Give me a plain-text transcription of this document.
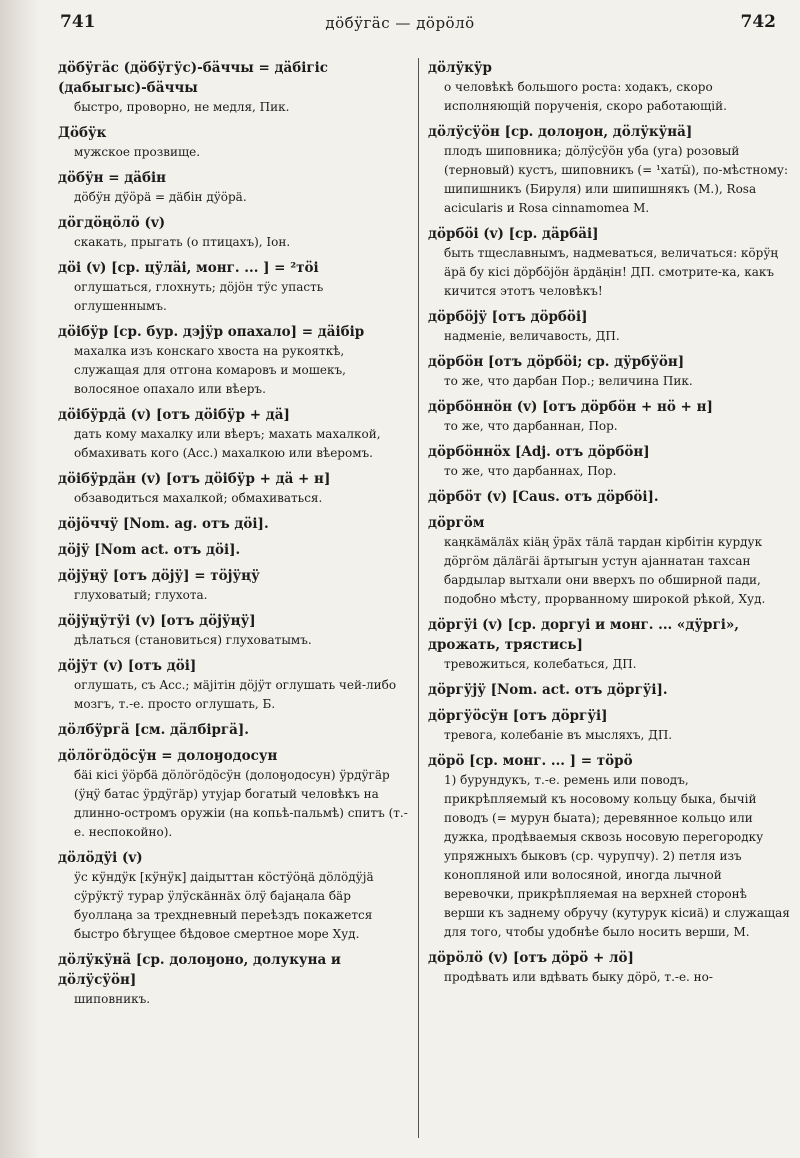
741	дӧбӱгäс — дӧрӧлӧ	742
дӧбӱгäс (дӧбӱгӱс)-бäччы = дäбігіс (дабыгыс)-бäччы
быстро, проворно, не медля, Пик.
Дӧбӱк
мужское прозвище.
дӧбӱн = дäбін
дӧбӱн дӱӧрä = дäбін дӱӧрä.
дӧгдӧңӧлӧ (v)
скакать, прыгать (о птицахъ), Іон.
дӧі (v) [ср. цӱлäі, монг. ... ] = ²тӧі
оглушаться, глохнуть; дӧјӧн тӱс упасть оглушеннымъ.
дӧібӱр [ср. бур. дэјӱр опахало] = дäібір
махалка изъ конскаго хвоста на рукояткѣ, служащая для отгона комаровъ и мошекъ, волосяное опахало или вѣеръ.
дӧібӱрдä (v) [отъ дӧібӱр + дä]
дать кому махалку или вѣеръ; махать махалкой, обмахивать кого (Acc.) махалкою или вѣеромъ.
дӧібӱрдäн (v) [отъ дӧібӱр + дä + н]
обзаводиться махалкой; обмахиваться.
дӧјӧччӱ [Nom. ag. отъ дӧі].
дӧјӱ [Nom act. отъ дӧі].
дӧјӱңӱ [отъ дӧјӱ] = тӧјӱңӱ
глуховатый; глухота.
дӧјӱңӱтӱі (v) [отъ дӧјӱңӱ]
дѣлаться (становиться) глуховатымъ.
дӧјӱт (v) [отъ дӧі]
оглушать, съ Acc.; мäјітін дӧјӱт оглушать чей-либо мозгъ, т.-е. просто оглушать, Б.
дӧлбӱргä [см. дäлбіргä].
дӧлӧгӧдӧсӱн = долоӈодосун
бäі кісі ӱӧрбä дӧлӧгӧдӧсӱн (долоӈодосун) ӱрдӱгäр (ӱңӱ батас ӱрдӱгäр) утуjар богатый человѣкъ на длинно-остромъ оружіи (на копьѣ-пальмѣ) спитъ (т.-е. неспокойно).
дӧлӧдӱі (v)
ӱс кӱндӱк [кӱнӱк] даідыттан кӧстӱӧңä дӧлӧдӱjä сӱрӱктӱ турар ӱлӱскäннäх ӧлӱ баjаңала бäр буоллаңа за трехдневный переѣздъ покажется быстро бѣгущее бѣдовое смертное море Худ.
дӧлӱкӱнä [ср. долоӈоно, долукуна и дӧлӱсӱӧн]
шиповникъ.
дӧлӱкӱр
о человѣкѣ большого роста: ходакъ, скоро исполняющій порученія, скоро работающій.
дӧлӱсӱӧн [ср. долоӈон, дӧлӱкӱнä]
плодъ шиповника; дӧлӱсӱӧн уба (уга) розовый (терновый) кустъ, шиповникъ (= ¹хатӹ), по-мѣстному: шипишникъ (Бируля) или шипишнякъ (М.), Rosa acicularis и Rosa cinnamomea М.
дӧрбӧі (v) [ср. дäрбäі]
быть тщеславнымъ, надмеваться, величаться: кӧрӱң äрä бу кісі дӧрбӧјӧн äрдäңін! ДП. смотрите-ка, какъ кичится этотъ человѣкъ!
дӧрбӧјӱ [отъ дӧрбӧі]
надменіе, величавость, ДП.
дӧрбӧн [отъ дӧрбӧі; ср. дӱрбӱӧн]
то же, что дарбан Пор.; величина Пик.
дӧрбӧннӧн (v) [отъ дӧрбӧн + нӧ + н]
то же, что дарбаннан, Пор.
дӧрбӧннӧх [Adj. отъ дӧрбӧн]
то же, что дарбаннах, Пор.
дӧрбӧт (v) [Caus. отъ дӧрбӧі].
дӧргӧм
каңкäмäлäх кіäң ӱрäх тäлä тардан кірбітін курдук дӧргӧм дäлäгäі äртыгын устун аjаннатан тахсан бардылар вытхали они вверхъ по обширной пади, подобно мѣсту, прорванному широкой рѣкой, Худ.
дӧргӱі (v) [ср. доргуі и монг. ... «дӱргі», дрожать, трястись]
тревожиться, колебаться, ДП.
дӧргӱјӱ [Nom. act. отъ дӧргӱі].
дӧргӱӧсӱн [отъ дӧргӱі]
тревога, колебаніе въ мысляхъ, ДП.
дӧрӧ [ср. монг. ... ] = тӧрӧ
1) бурундукъ, т.-е. ремень или поводъ, прикрѣпляемый къ носовому кольцу быка, бычій поводъ (= мурун быата); деревянное кольцо или дужка, продѣваемыя сквозь носовую перегородку упряжныхъ быковъ (ср. чурупчу). 2) петля изъ конопляной или волосяной, иногда лычной веревочки, прикрѣпляемая на верхней сторонѣ верши къ заднему обручу (кутурук кісиä) и служащая для того, чтобы удобнѣе было носить верши, М.
дӧрӧлӧ (v) [отъ дӧрӧ + лӧ]
продѣвать или вдѣвать быку дӧрӧ, т.-е. но-
